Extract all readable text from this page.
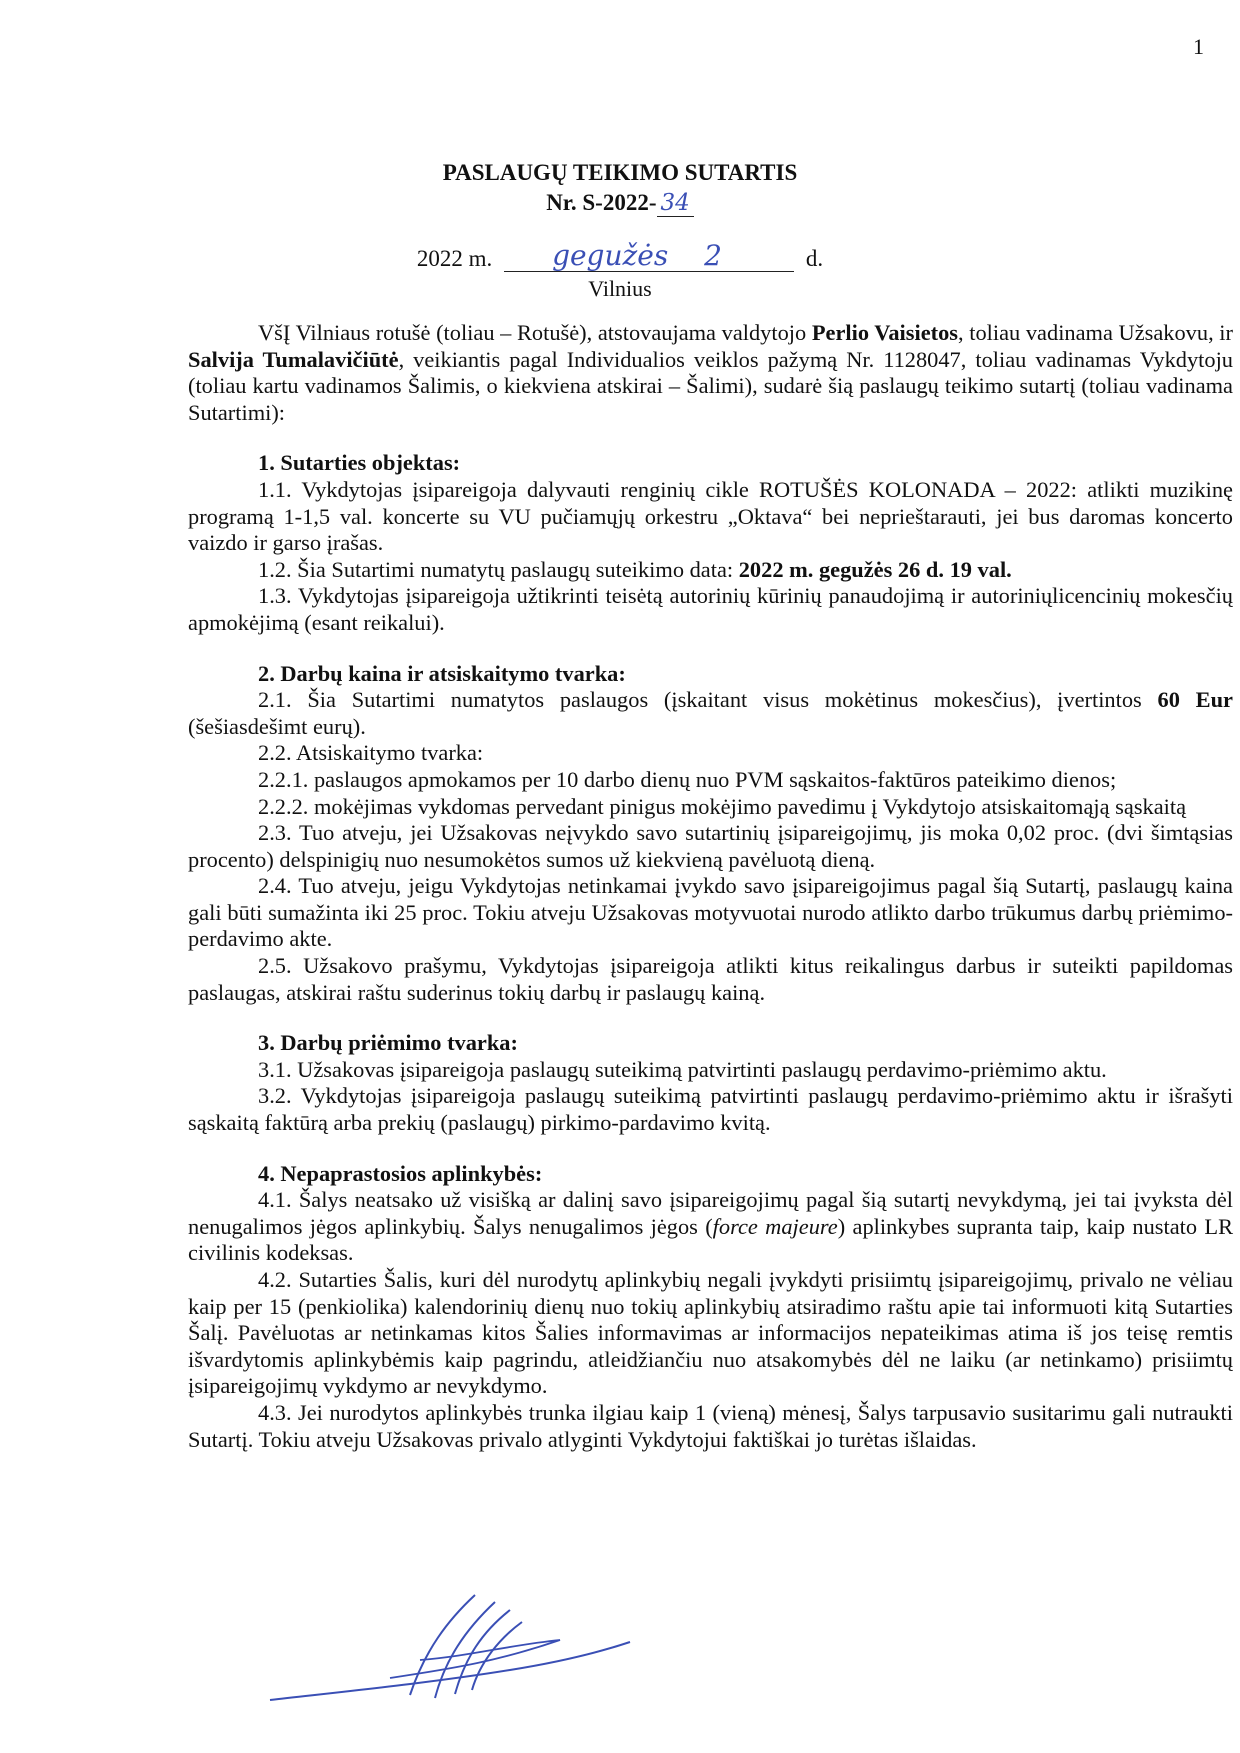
1
PASLAUGŲ TEIKIMO SUTARTIS
Nr. S-2022- 34
2022 m. gegužės 2	d.
Vilnius

VšĮ Vilniaus rotušė (toliau – Rotušė), atstovaujama valdytojo Perlio Vaisietos, toliau vadinama Užsakovu, ir Salvija Tumalavičiūtė, veikiantis pagal Individualios veiklos pažymą Nr. 1128047, toliau vadinamas Vykdytoju (toliau kartu vadinamos Šalimis, o kiekviena atskirai – Šalimi), sudarė šią paslaugų teikimo sutartį (toliau vadinama Sutartimi):

1. Sutarties objektas:

1.1. Vykdytojas įsipareigoja dalyvauti renginių cikle ROTUŠĖS KOLONADA – 2022: atlikti muzikinę programą 1-1,5 val. koncerte su VU pučiamųjų orkestru „Oktava“ bei neprieštarauti, jei bus daromas koncerto vaizdo ir garso įrašas.

1.2. Šia Sutartimi numatytų paslaugų suteikimo data: 2022 m. gegužės 26 d. 19 val.

1.3. Vykdytojas įsipareigoja užtikrinti teisėtą autorinių kūrinių panaudojimą ir autoriniųlicencinių mokesčių apmokėjimą (esant reikalui).

2. Darbų kaina ir atsiskaitymo tvarka:

2.1. Šia Sutartimi numatytos paslaugos (įskaitant visus mokėtinus mokesčius), įvertintos 60 Eur (šešiasdešimt eurų).

2.2. Atsiskaitymo tvarka:

2.2.1. paslaugos apmokamos per 10 darbo dienų nuo PVM sąskaitos-faktūros pateikimo dienos;

2.2.2. mokėjimas vykdomas pervedant pinigus mokėjimo pavedimu į Vykdytojo atsiskaitomąją sąskaitą

2.3. Tuo atveju, jei Užsakovas neįvykdo savo sutartinių įsipareigojimų, jis moka 0,02 proc. (dvi šimtąsias procento) delspinigių nuo nesumokėtos sumos už kiekvieną pavėluotą dieną.

2.4. Tuo atveju, jeigu Vykdytojas netinkamai įvykdo savo įsipareigojimus pagal šią Sutartį, paslaugų kaina gali būti sumažinta iki 25 proc. Tokiu atveju Užsakovas motyvuotai nurodo atlikto darbo trūkumus darbų priėmimo-perdavimo akte.

2.5. Užsakovo prašymu, Vykdytojas įsipareigoja atlikti kitus reikalingus darbus ir suteikti papildomas paslaugas, atskirai raštu suderinus tokių darbų ir paslaugų kainą.

3. Darbų priėmimo tvarka:

3.1. Užsakovas įsipareigoja paslaugų suteikimą patvirtinti paslaugų perdavimo-priėmimo aktu.

3.2. Vykdytojas įsipareigoja paslaugų suteikimą patvirtinti paslaugų perdavimo-priėmimo aktu ir išrašyti sąskaitą faktūrą arba prekių (paslaugų) pirkimo-pardavimo kvitą.

4. Nepaprastosios aplinkybės:

4.1. Šalys neatsako už visišką ar dalinį savo įsipareigojimų pagal šią sutartį nevykdymą, jei tai įvyksta dėl nenugalimos jėgos aplinkybių. Šalys nenugalimos jėgos (force majeure) aplinkybes supranta taip, kaip nustato LR civilinis kodeksas.

4.2. Sutarties Šalis, kuri dėl nurodytų aplinkybių negali įvykdyti prisiimtų įsipareigojimų, privalo ne vėliau kaip per 15 (penkiolika) kalendorinių dienų nuo tokių aplinkybių atsiradimo raštu apie tai informuoti kitą Sutarties Šalį. Pavėluotas ar netinkamas kitos Šalies informavimas ar informacijos nepateikimas atima iš jos teisę remtis išvardytomis aplinkybėmis kaip pagrindu, atleidžiančiu nuo atsakomybės dėl ne laiku (ar netinkamo) prisiimtų įsipareigojimų vykdymo ar nevykdymo.

4.3. Jei nurodytos aplinkybės trunka ilgiau kaip 1 (vieną) mėnesį, Šalys tarpusavio susitarimu gali nutraukti Sutartį. Tokiu atveju Užsakovas privalo atlyginti Vykdytojui faktiškai jo turėtas išlaidas.
